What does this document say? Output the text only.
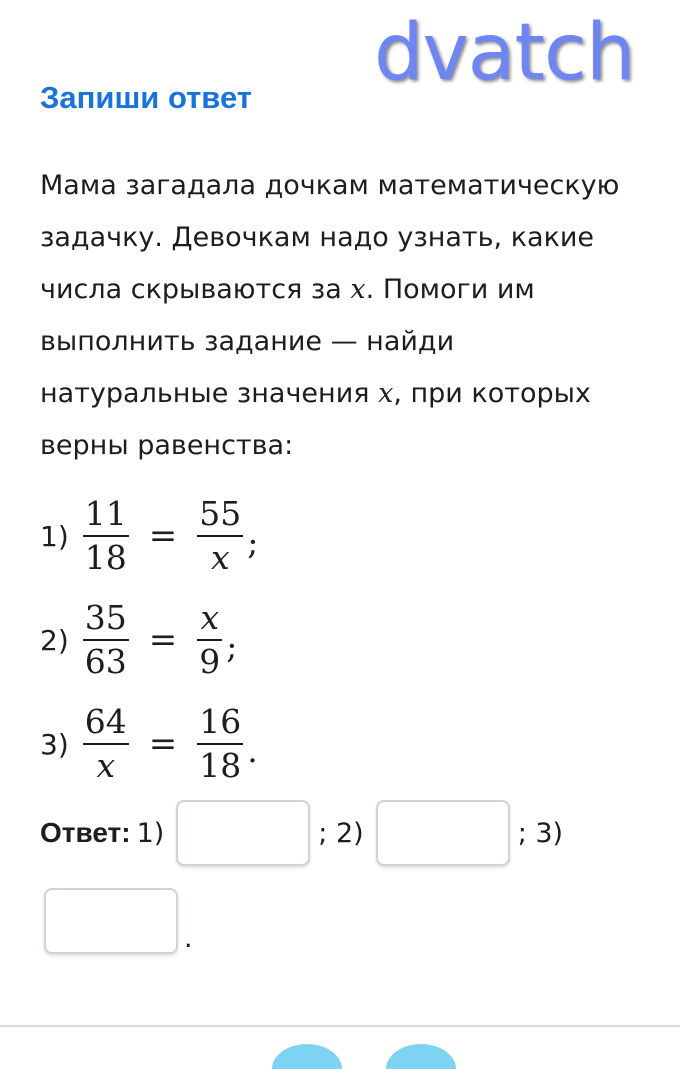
dvatch
Запиши ответ
Мама загадала дочкам математическую
задачку. Девочкам надо узнать, какие
числа скрываются за x. Помоги им
выполнить задание — найди
натуральные значения x, при которых
верны равенства:
$1) \frac{11}{18} = \frac{55}{x}$ ;
$2) \frac{35}{63} = \frac{x}{9}$ ;
$3) \frac{64}{x} = \frac{16}{18}$ .
Ответ: 1)	; 2)	; 3)
.
